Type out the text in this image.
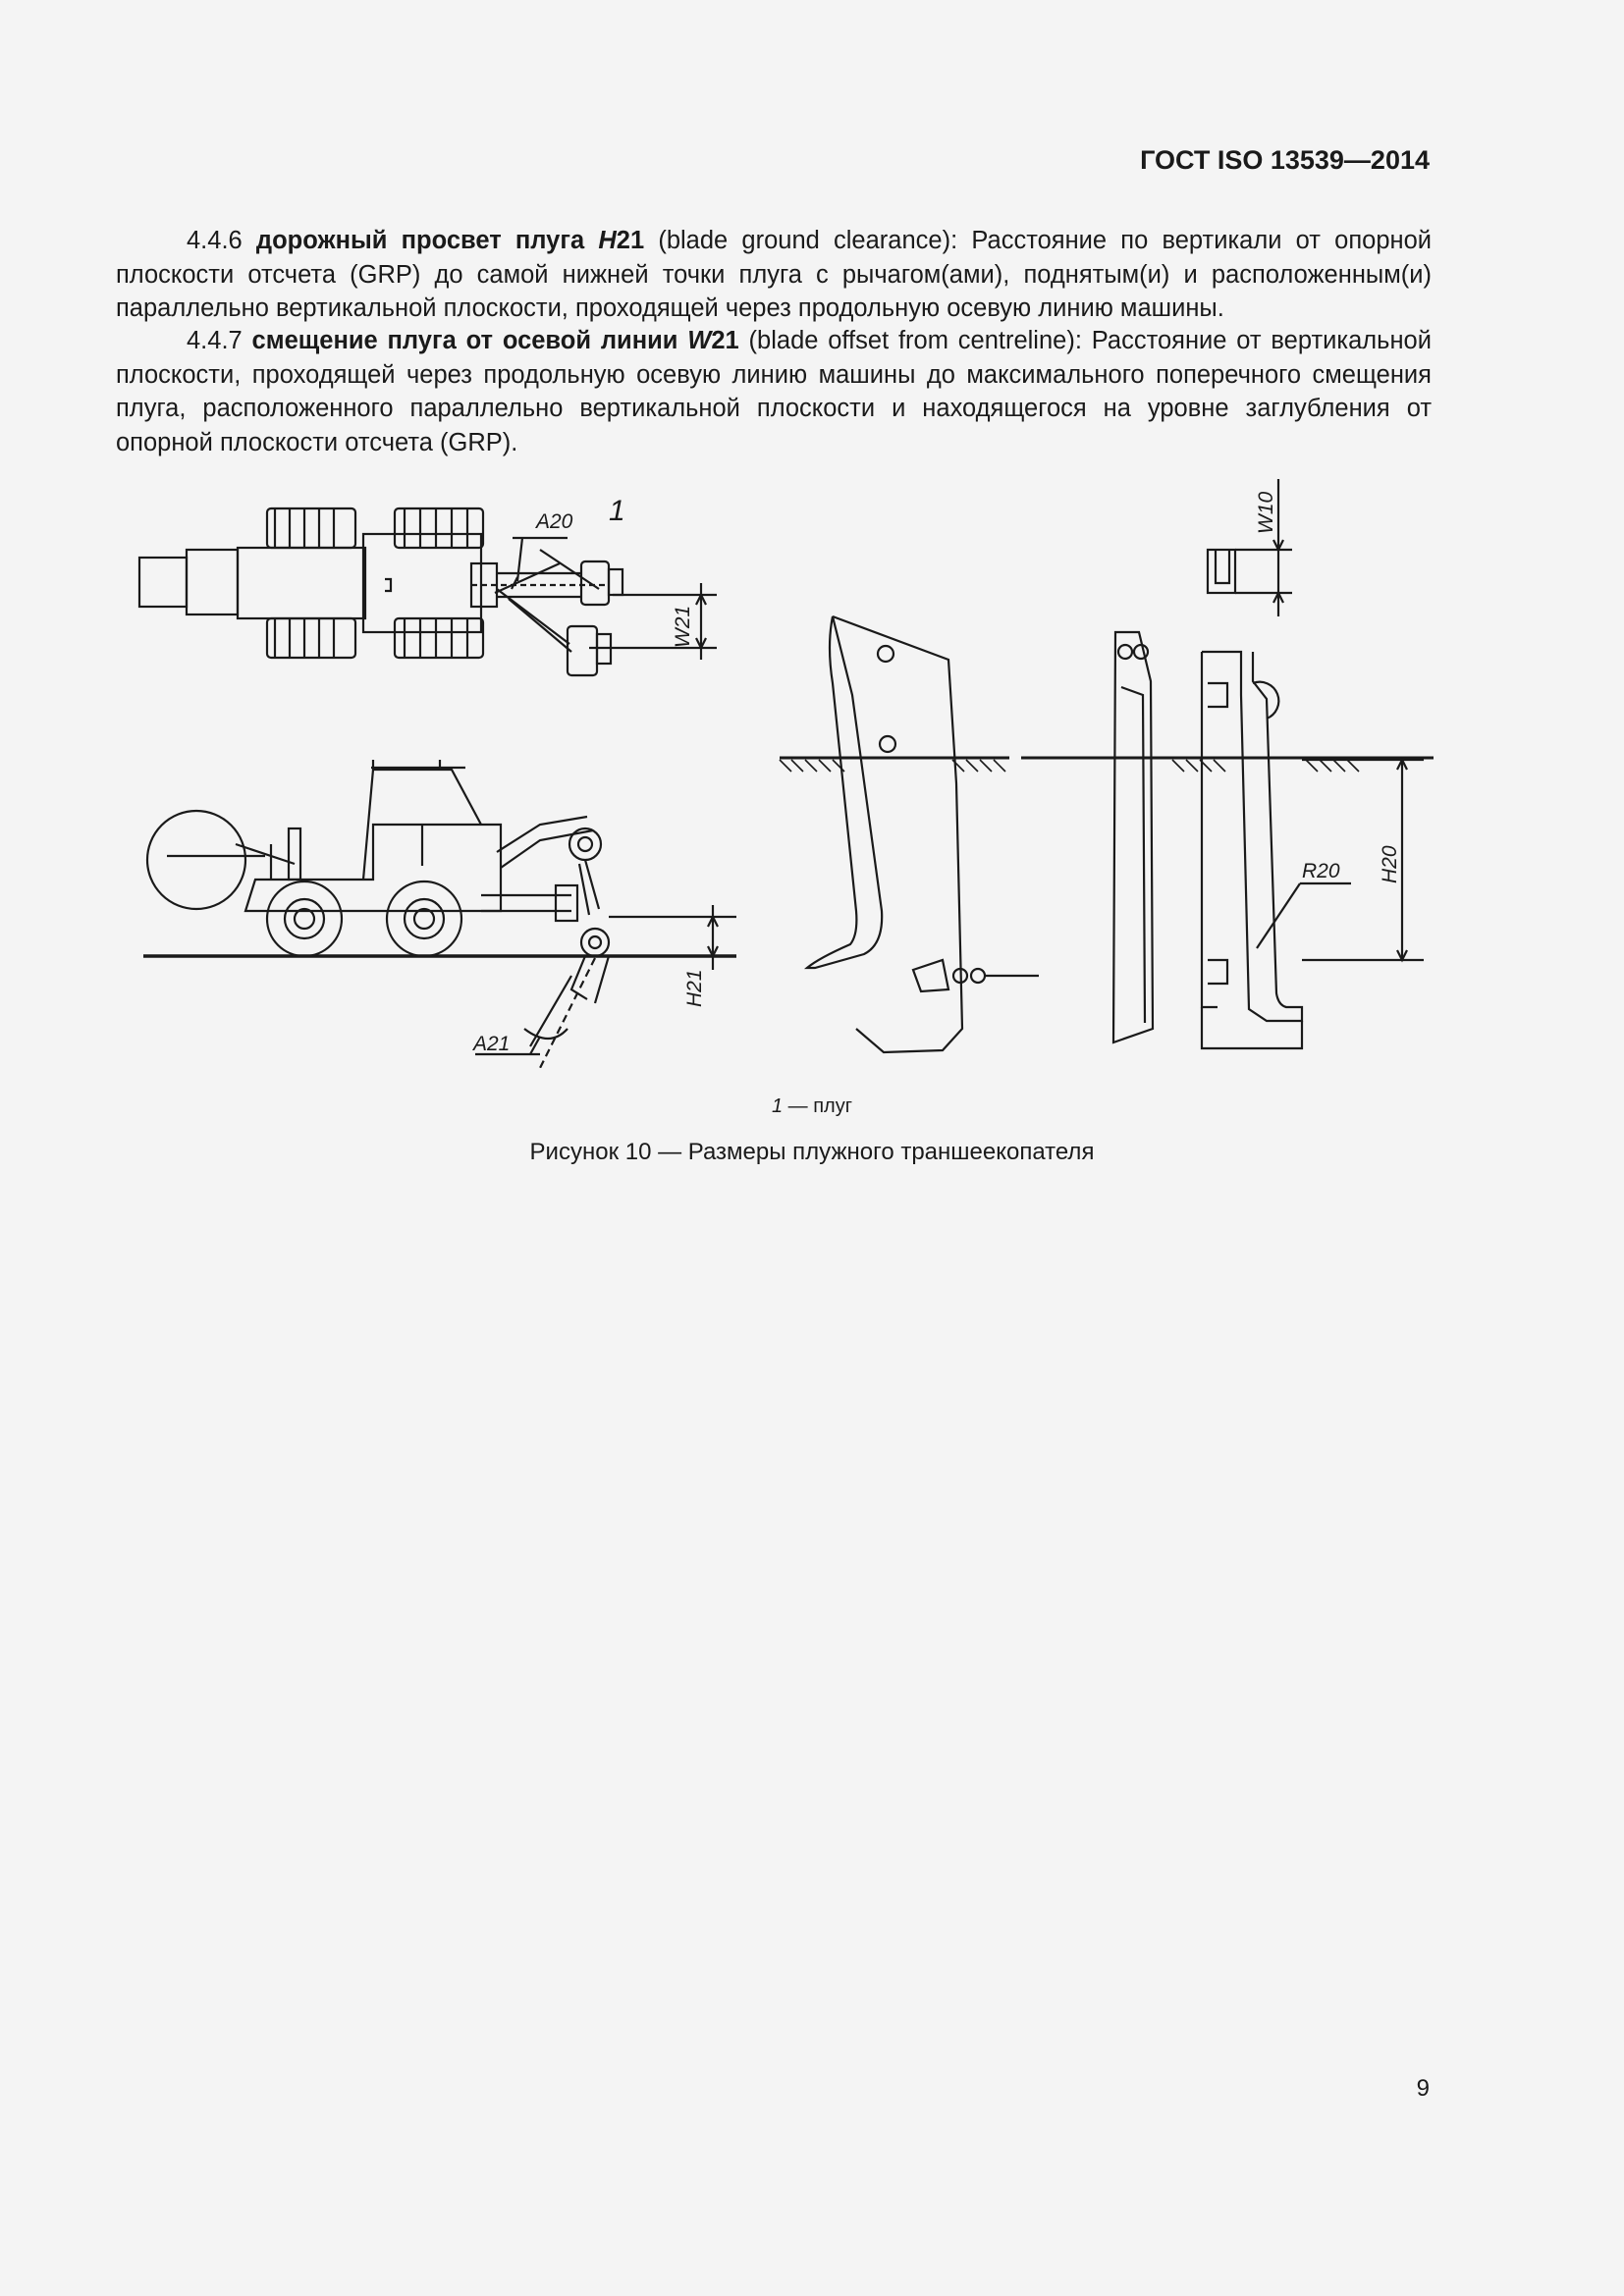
ГОСТ ISO 13539—2014

4.4.6 дорожный просвет плуга H21 (blade ground clearance): Расстояние по вертикали от опорной плоскости отсчета (GRP) до самой нижней точки плуга с рычагом(ами), поднятым(и) и расположенным(и) параллельно вертикальной плоскости, проходящей через продольную осевую линию машины.

4.4.7 смещение плуга от осевой линии W21 (blade offset from centreline): Расстояние от вертикальной плоскости, проходящей через продольную осевую линию машины до максимального поперечного смещения плуга, расположенного параллельно вертикальной плоскости и находящегося на уровне заглубления от опорной плоскости отсчета (GRP).

A20 1
W21
H21
A21
W10
H20
R20
1 — плуг
Рисунок 10 — Размеры плужного траншеекопателя
9
